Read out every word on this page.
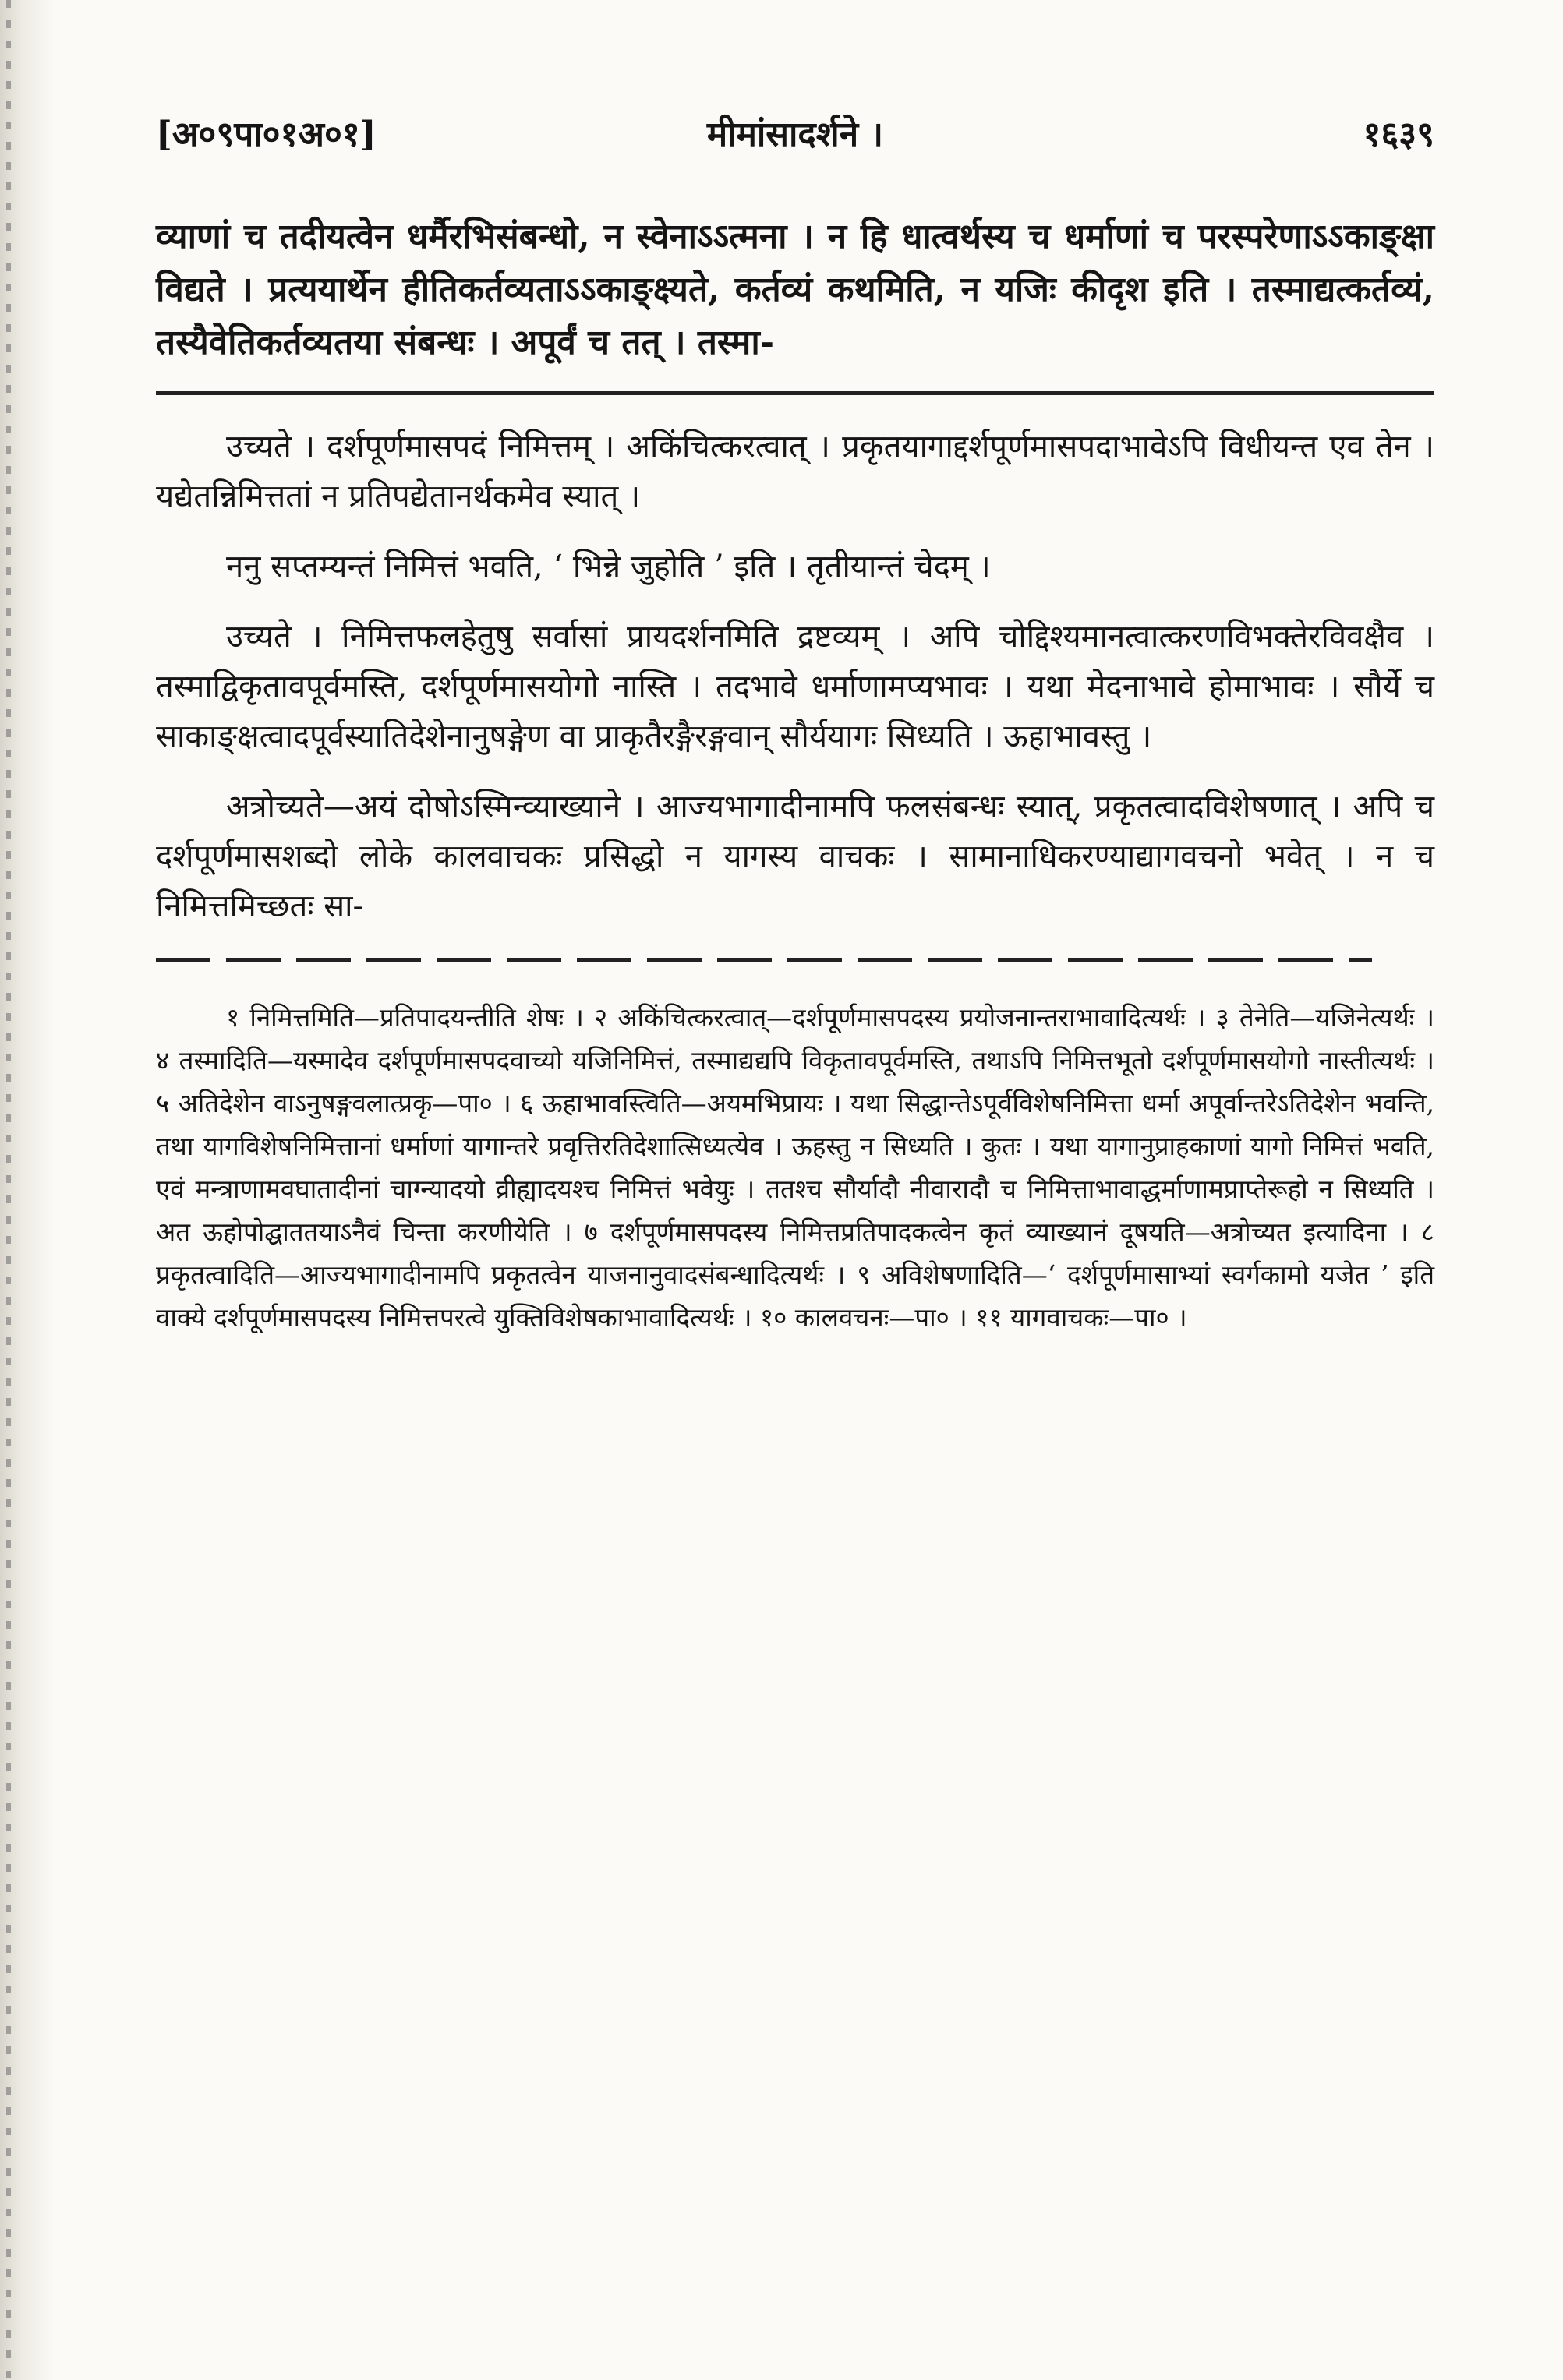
[अ०९पा०१अ०१]	मीमांसादर्शने ।	१६३९

व्याणां च तदीयत्वेन धर्मैरभिसंबन्धो, न स्वेनाऽऽत्मना । न हि धात्वर्थस्य च धर्माणां च परस्परेणाऽऽकाङ्क्षा विद्यते । प्रत्ययार्थेन हीतिकर्तव्यताऽऽकाङ्क्ष्यते, कर्तव्यं कथमिति, न यजिः कीदृश इति । तस्माद्यत्कर्तव्यं, तस्यैवेतिकर्तव्यतया संबन्धः । अपूर्वं च तत् । तस्मा-

उच्यते । दर्शपूर्णमासपदं निमित्तम् । अकिंचित्करत्वात् । प्रकृतयागाद्दर्शपूर्णमासपदाभावेऽपि विधीयन्त एव तेन । यद्येतन्निमित्ततां न प्रतिपद्येतानर्थकमेव स्यात् ।

ननु सप्तम्यन्तं निमित्तं भवति, ‘ भिन्ने जुहोति ’ इति । तृतीयान्तं चेदम् ।

उच्यते । निमित्तफलहेतुषु सर्वासां प्रायदर्शनमिति द्रष्टव्यम् । अपि चोद्दिश्यमानत्वात्करणविभक्तेरविवक्षैव । तस्माद्विकृतावपूर्वमस्ति, दर्शपूर्णमासयोगो नास्ति । तदभावे धर्माणामप्यभावः । यथा मेदनाभावे होमाभावः । सौर्ये च साकाङ्क्षत्वादपूर्वस्यातिदेशेनानुषङ्गेण वा प्राकृतैरङ्गैरङ्गवान् सौर्ययागः सिध्यति । ऊहाभावस्तु ।

अत्रोच्यते—अयं दोषोऽस्मिन्व्याख्याने । आज्यभागादीनामपि फलसंबन्धः स्यात्, प्रकृतत्वादविशेषणात् । अपि च दर्शपूर्णमासशब्दो लोके कालवाचकः प्रसिद्धो न यागस्य वाचकः । सामानाधिकरण्याद्यागवचनो भवेत् । न च निमित्तमिच्छतः सा-

१ निमित्तमिति—प्रतिपादयन्तीति शेषः । २ अकिंचित्करत्वात्—दर्शपूर्णमासपदस्य प्रयोजनान्तराभावादित्यर्थः । ३ तेनेति—यजिनेत्यर्थः । ४ तस्मादिति—यस्मादेव दर्शपूर्णमासपदवाच्यो यजिनिमित्तं, तस्माद्यद्यपि विकृतावपूर्वमस्ति, तथाऽपि निमित्तभूतो दर्शपूर्णमासयोगो नास्तीत्यर्थः । ५ अतिदेशेन वाऽनुषङ्गवलात्प्रकृ—पा० । ६ ऊहाभावस्त्विति—अयमभिप्रायः । यथा सिद्धान्तेऽपूर्वविशेषनिमित्ता धर्मा अपूर्वान्तरेऽतिदेशेन भवन्ति, तथा यागविशेषनिमित्तानां धर्माणां यागान्तरे प्रवृत्तिरतिदेशात्सिध्यत्येव । ऊहस्तु न सिध्यति । कुतः । यथा यागानुप्राहकाणां यागो निमित्तं भवति, एवं मन्त्राणामवघातादीनां चाग्न्यादयो व्रीह्यादयश्च निमित्तं भवेयुः । ततश्च सौर्यादौ नीवारादौ च निमित्ताभावाद्धर्माणामप्राप्तेरूहो न सिध्यति । अत ऊहोपोद्घाततयाऽनैवं चिन्ता करणीयेति । ७ दर्शपूर्णमासपदस्य निमित्तप्रतिपादकत्वेन कृतं व्याख्यानं दूषयति—अत्रोच्यत इत्यादिना । ८ प्रकृतत्वादिति—आज्यभागादीनामपि प्रकृतत्वेन याजनानुवादसंबन्धादित्यर्थः । ९ अविशेषणादिति—‘ दर्शपूर्णमासाभ्यां स्वर्गकामो यजेत ’ इति वाक्ये दर्शपूर्णमासपदस्य निमित्तपरत्वे युक्तिविशेषकाभावादित्यर्थः । १० कालवचनः—पा० । ११ यागवाचकः—पा० ।
